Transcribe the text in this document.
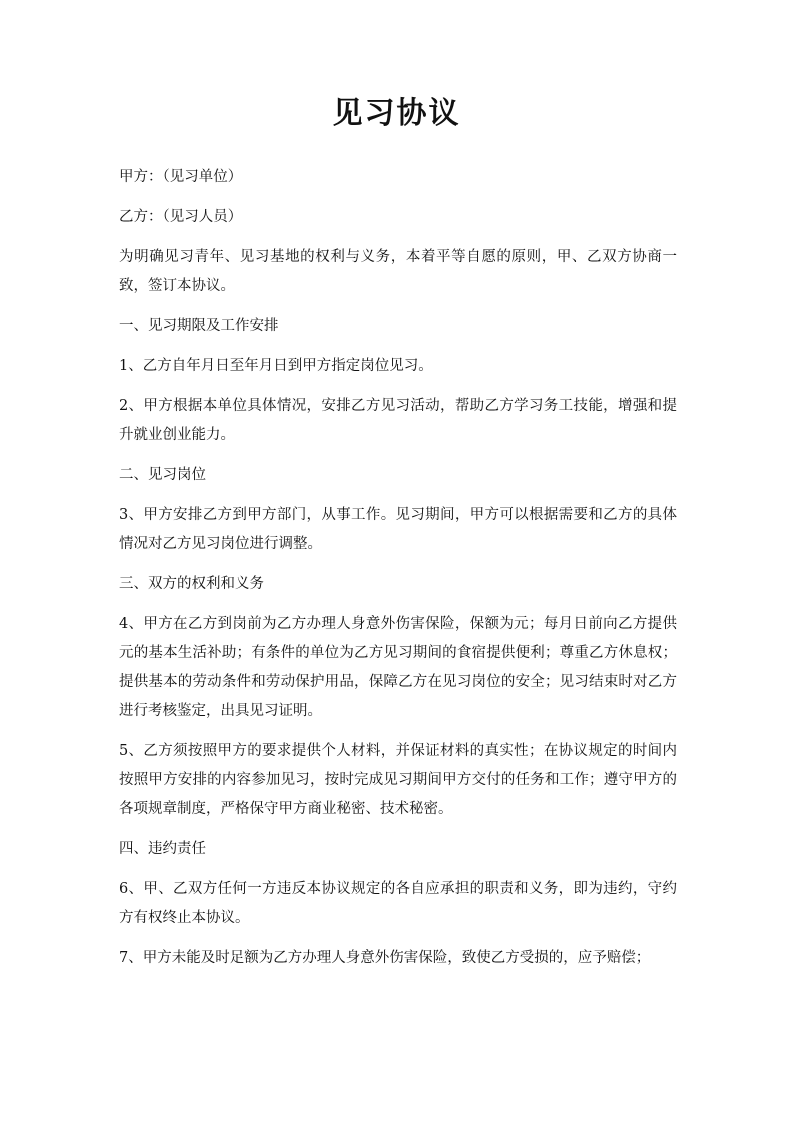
见习协议

甲方：（见习单位）

乙方：（见习人员）

为明确见习青年、见习基地的权利与义务，本着平等自愿的原则，甲、乙双方协商一致，签订本协议。

一、见习期限及工作安排

1、乙方自年月日至年月日到甲方指定岗位见习。

2、甲方根据本单位具体情况，安排乙方见习活动，帮助乙方学习务工技能，增强和提升就业创业能力。

二、见习岗位

3、甲方安排乙方到甲方部门，从事工作。见习期间，甲方可以根据需要和乙方的具体情况对乙方见习岗位进行调整。

三、双方的权利和义务

4、甲方在乙方到岗前为乙方办理人身意外伤害保险，保额为元；每月日前向乙方提供元的基本生活补助；有条件的单位为乙方见习期间的食宿提供便利；尊重乙方休息权；提供基本的劳动条件和劳动保护用品，保障乙方在见习岗位的安全；见习结束时对乙方进行考核鉴定，出具见习证明。

5、乙方须按照甲方的要求提供个人材料，并保证材料的真实性；在协议规定的时间内按照甲方安排的内容参加见习，按时完成见习期间甲方交付的任务和工作；遵守甲方的各项规章制度，严格保守甲方商业秘密、技术秘密。

四、违约责任

6、甲、乙双方任何一方违反本协议规定的各自应承担的职责和义务，即为违约，守约方有权终止本协议。

7、甲方未能及时足额为乙方办理人身意外伤害保险，致使乙方受损的，应予赔偿；
